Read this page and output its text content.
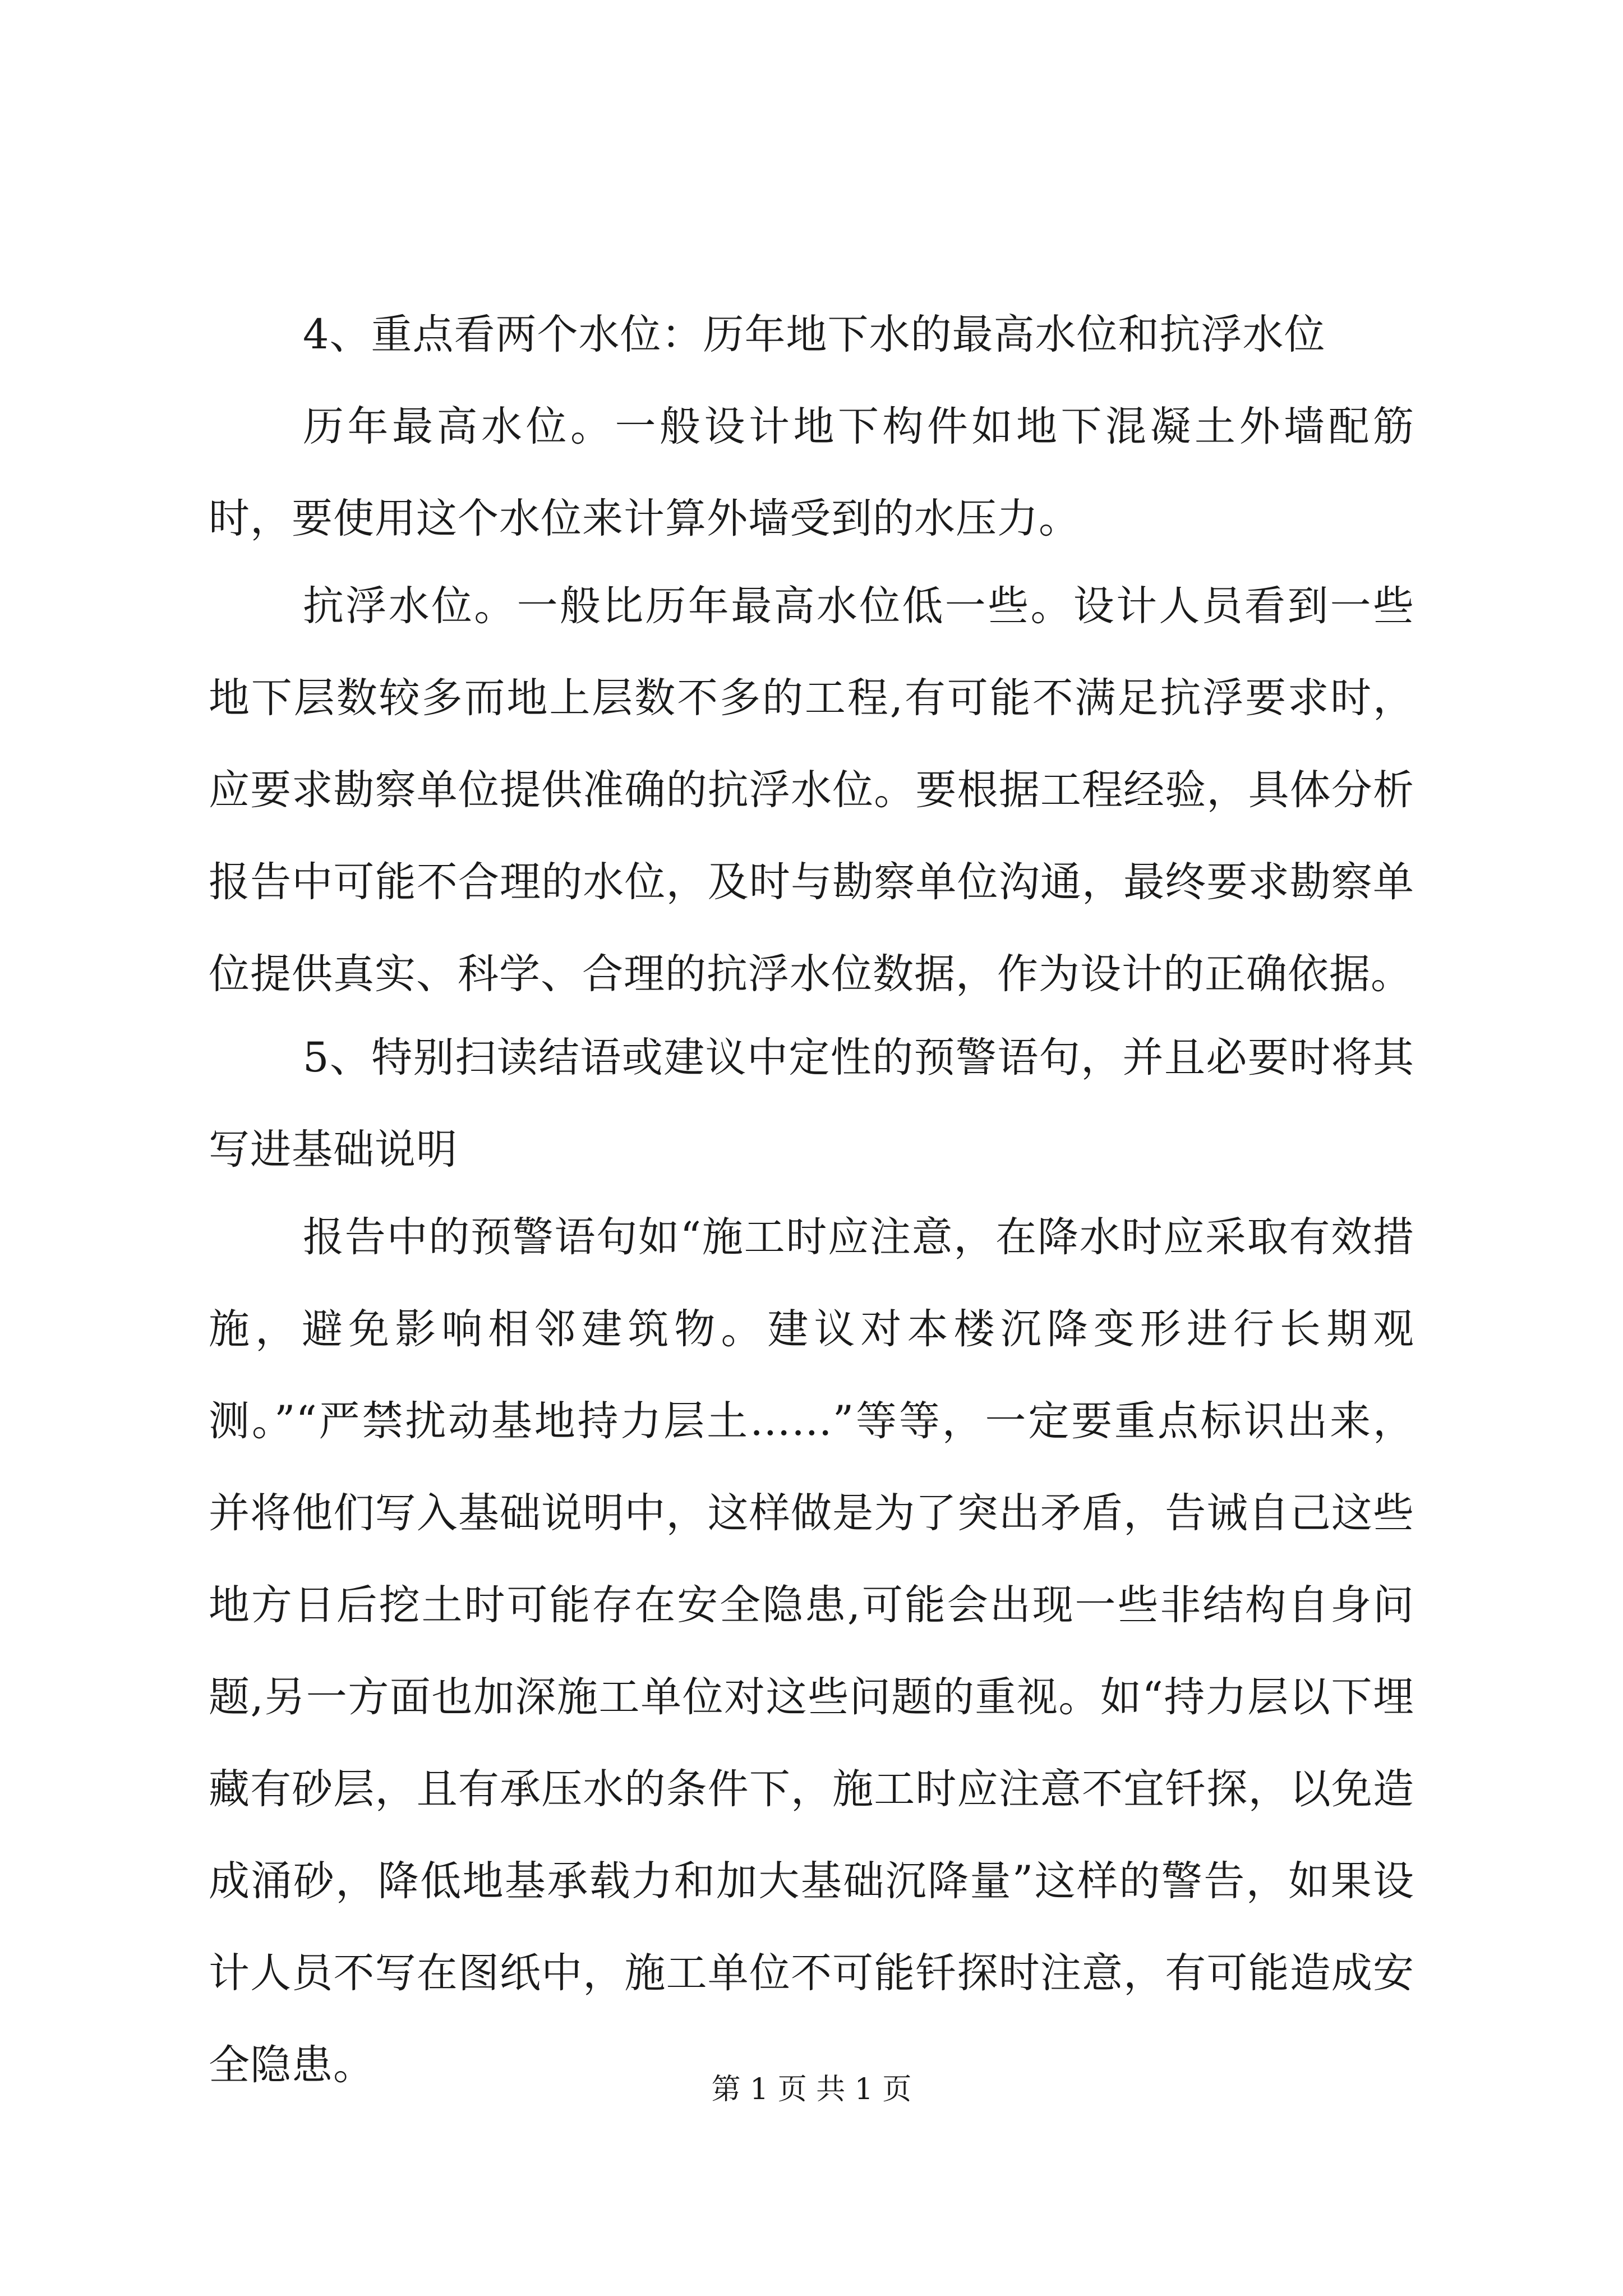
4、重点看两个水位：历年地下水的最高水位和抗浮水位

历年最高水位。一般设计地下构件如地下混凝土外墙配筋时，要使用这个水位来计算外墙受到的水压力。

抗浮水位。一般比历年最高水位低一些。设计人员看到一些地下层数较多而地上层数不多的工程,有可能不满足抗浮要求时，应要求勘察单位提供准确的抗浮水位。要根据工程经验，具体分析报告中可能不合理的水位，及时与勘察单位沟通，最终要求勘察单位提供真实、科学、合理的抗浮水位数据，作为设计的正确依据。

5、特别扫读结语或建议中定性的预警语句，并且必要时将其写进基础说明

报告中的预警语句如“施工时应注意，在降水时应采取有效措施，避免影响相邻建筑物。建议对本楼沉降变形进行长期观测。”“严禁扰动基地持力层土……”等等，一定要重点标识出来，并将他们写入基础说明中，这样做是为了突出矛盾，告诫自己这些地方日后挖土时可能存在安全隐患,可能会出现一些非结构自身问题,另一方面也加深施工单位对这些问题的重视。如“持力层以下埋藏有砂层，且有承压水的条件下，施工时应注意不宜钎探，以免造成涌砂，降低地基承载力和加大基础沉降量”这样的警告，如果设计人员不写在图纸中，施工单位不可能钎探时注意，有可能造成安全隐患。

第 1 页 共 1 页
